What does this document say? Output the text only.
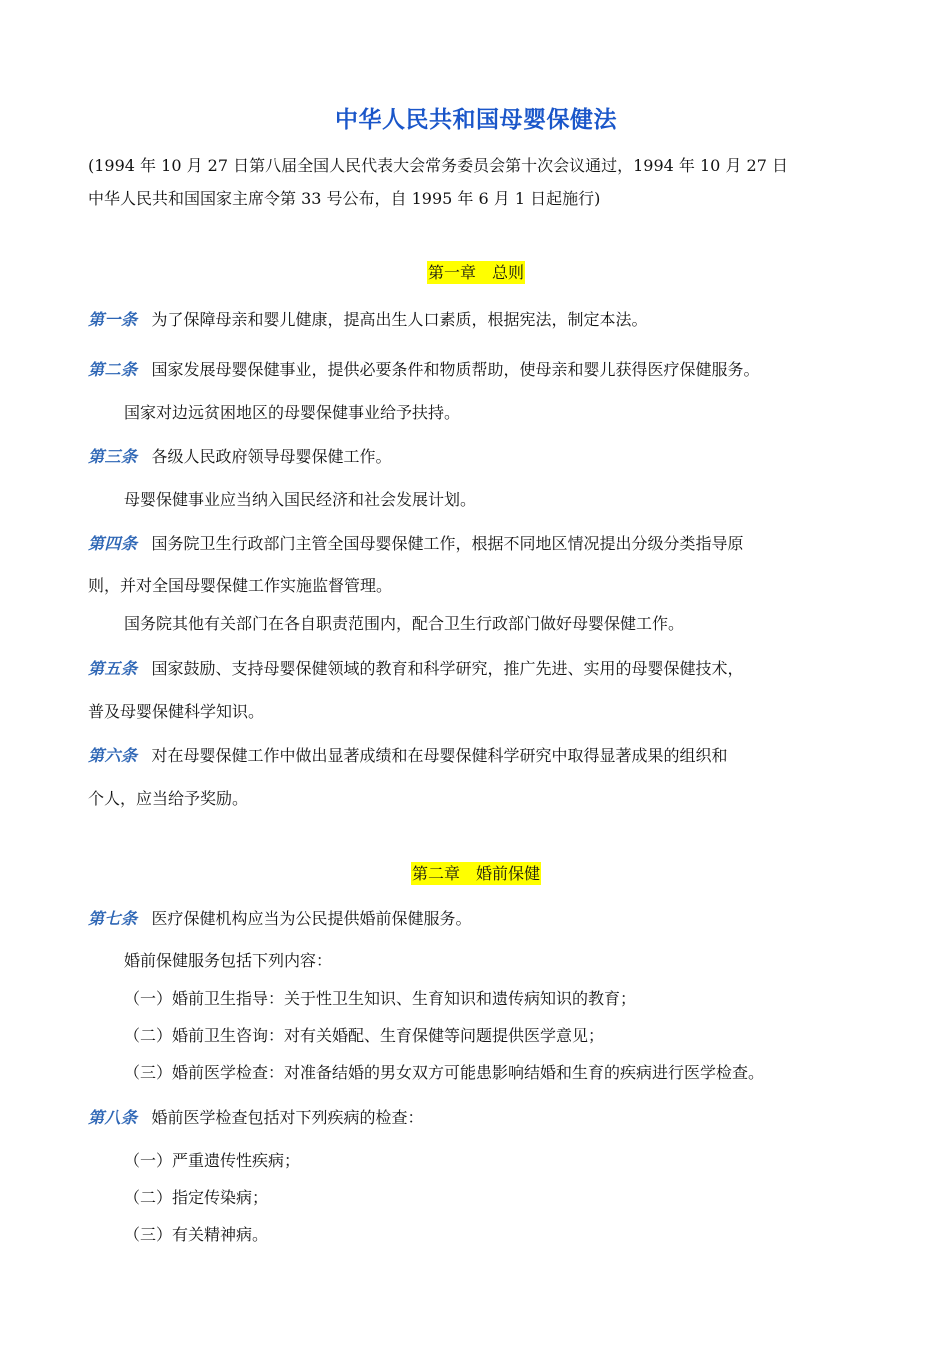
中华人民共和国母婴保健法
(1994 年 10 月 27 日第八届全国人民代表大会常务委员会第十次会议通过，1994 年 10 月 27 日
中华人民共和国国家主席令第 33 号公布，自 1995 年 6 月 1 日起施行)
第一章　总则
第一条 为了保障母亲和婴儿健康，提高出生人口素质，根据宪法，制定本法。
第二条 国家发展母婴保健事业，提供必要条件和物质帮助，使母亲和婴儿获得医疗保健服务。
国家对边远贫困地区的母婴保健事业给予扶持。
第三条 各级人民政府领导母婴保健工作。
母婴保健事业应当纳入国民经济和社会发展计划。
第四条 国务院卫生行政部门主管全国母婴保健工作，根据不同地区情况提出分级分类指导原
则，并对全国母婴保健工作实施监督管理。
国务院其他有关部门在各自职责范围内，配合卫生行政部门做好母婴保健工作。
第五条 国家鼓励、支持母婴保健领域的教育和科学研究，推广先进、实用的母婴保健技术，
普及母婴保健科学知识。
第六条 对在母婴保健工作中做出显著成绩和在母婴保健科学研究中取得显著成果的组织和
个人，应当给予奖励。
第二章　婚前保健
第七条 医疗保健机构应当为公民提供婚前保健服务。
婚前保健服务包括下列内容：
（一）婚前卫生指导：关于性卫生知识、生育知识和遗传病知识的教育；
（二）婚前卫生咨询：对有关婚配、生育保健等问题提供医学意见；
（三）婚前医学检查：对准备结婚的男女双方可能患影响结婚和生育的疾病进行医学检查。
第八条 婚前医学检查包括对下列疾病的检查：
（一）严重遗传性疾病；
（二）指定传染病；
（三）有关精神病。
